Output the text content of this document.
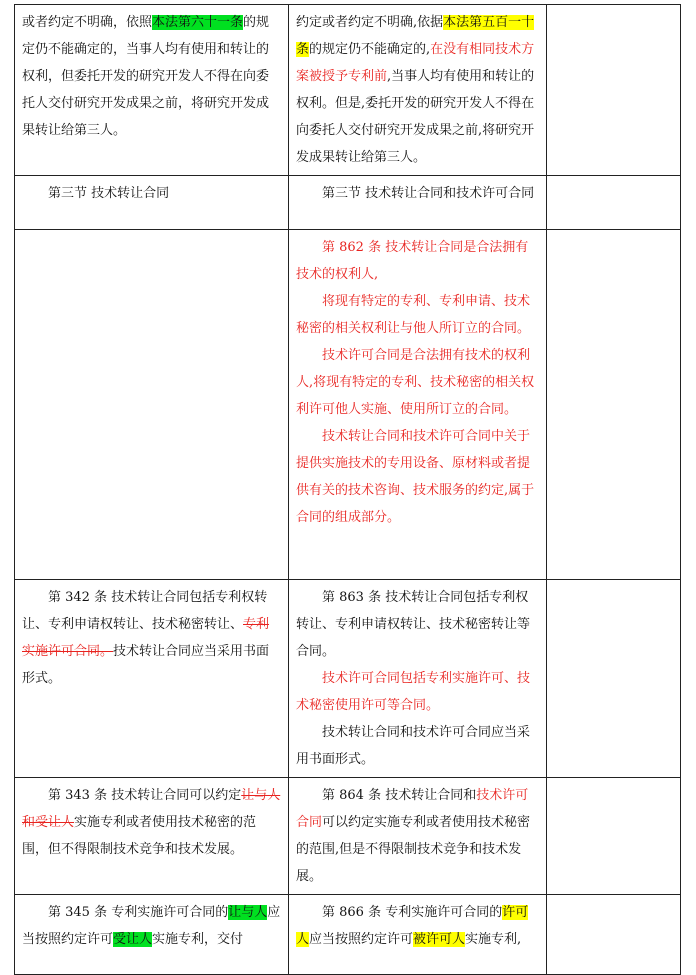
或者约定不明确，依照本法第六十一条的规定仍不能确定的，当事人均有使用和转让的权利，但委托开发的研究开发人不得在向委托人交付研究开发成果之前，将研究开发成果转让给第三人。	约定或者约定不明确,依据本法第五百一十条的规定仍不能确定的,在没有相同技术方案被授予专利前,当事人均有使用和转让的权利。但是,委托开发的研究开发人不得在向委托人交付研究开发成果之前,将研究开发成果转让给第三人。	

第三节 技术转让合同	第三节 技术转让合同和技术许可合同	

	第 862 条 技术转让合同是合法拥有技术的权利人,

将现有特定的专利、专利申请、技术秘密的相关权利让与他人所订立的合同。

技术许可合同是合法拥有技术的权利人,将现有特定的专利、技术秘密的相关权利许可他人实施、使用所订立的合同。

技术转让合同和技术许可合同中关于提供实施技术的专用设备、原材料或者提供有关的技术咨询、技术服务的约定,属于合同的组成部分。	

第 342 条 技术转让合同包括专利权转让、专利申请权转让、技术秘密转让、专利实施许可合同。技术转让合同应当采用书面形式。	第 863 条 技术转让合同包括专利权转让、专利申请权转让、技术秘密转让等合同。

技术许可合同包括专利实施许可、技术秘密使用许可等合同。

技术转让合同和技术许可合同应当采用书面形式。	

第 343 条 技术转让合同可以约定让与人和受让人实施专利或者使用技术秘密的范围，但不得限制技术竞争和技术发展。	第 864 条 技术转让合同和技术许可合同可以约定实施专利或者使用技术秘密的范围,但是不得限制技术竞争和技术发展。	

第 345 条 专利实施许可合同的让与人应当按照约定许可受让人实施专利，交付	第 866 条 专利实施许可合同的许可人应当按照约定许可被许可人实施专利,	
